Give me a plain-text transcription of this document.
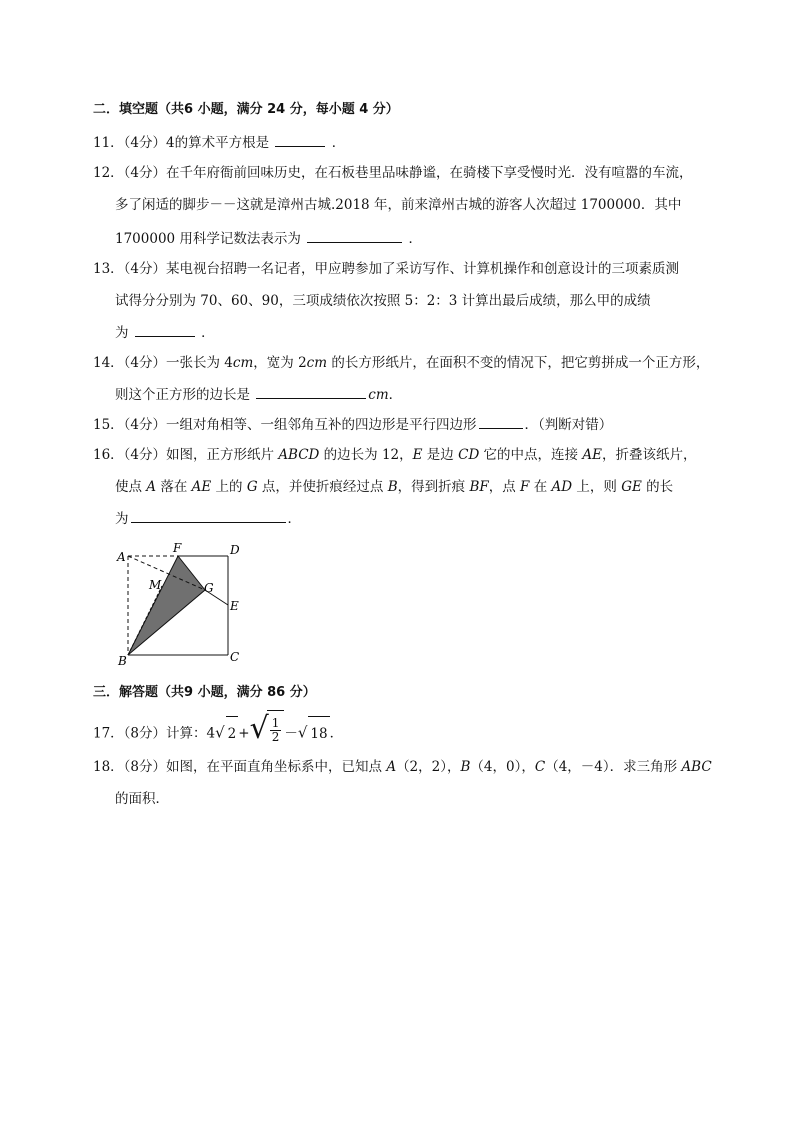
二．填空题（共6 小题，满分 24 分，每小题 4 分）
11．（4分）4的算术平方根是	．
12．（4分）在千年府衙前回味历史，在石板巷里品味静谧，在骑楼下享受慢时光．没有喧嚣的车流，
多了闲适的脚步－－这就是漳州古城.2018 年，前来漳州古城的游客人次超过 1700000．其中
1700000 用科学记数法表示为	．
13．（4分）某电视台招聘一名记者，甲应聘参加了采访写作、计算机操作和创意设计的三项素质测
试得分分别为 70、60、90，三项成绩依次按照 5：2：3 计算出最后成绩，那么甲的成绩
为	．
14．（4分）一张长为 4cm，宽为 2cm 的长方形纸片，在面积不变的情况下，把它剪拼成一个正方形，
则这个正方形的边长是	cm．
15．（4分）一组对角相等、一组邻角互补的四边形是平行四边形	．（判断对错）
16．（4分）如图，正方形纸片 ABCD 的边长为 12，E 是边 CD 它的中点，连接 AE，折叠该纸片，
使点 A 落在 AE 上的 G 点，并使折痕经过点 B，得到折痕 BF，点 F 在 AD 上，则 GE 的长
为	．
A
F	D
M	G
E
B	C
三．解答题（共9 小题，满分 86 分）
17．（8分）计算：4√ 2 + √ $\frac{1}{2}$ －√ 18 ．
18．（8分）如图，在平面直角坐标系中，已知点 A（2，2），B（4，0），C（4，－4）．求三角形 ABC
的面积．
